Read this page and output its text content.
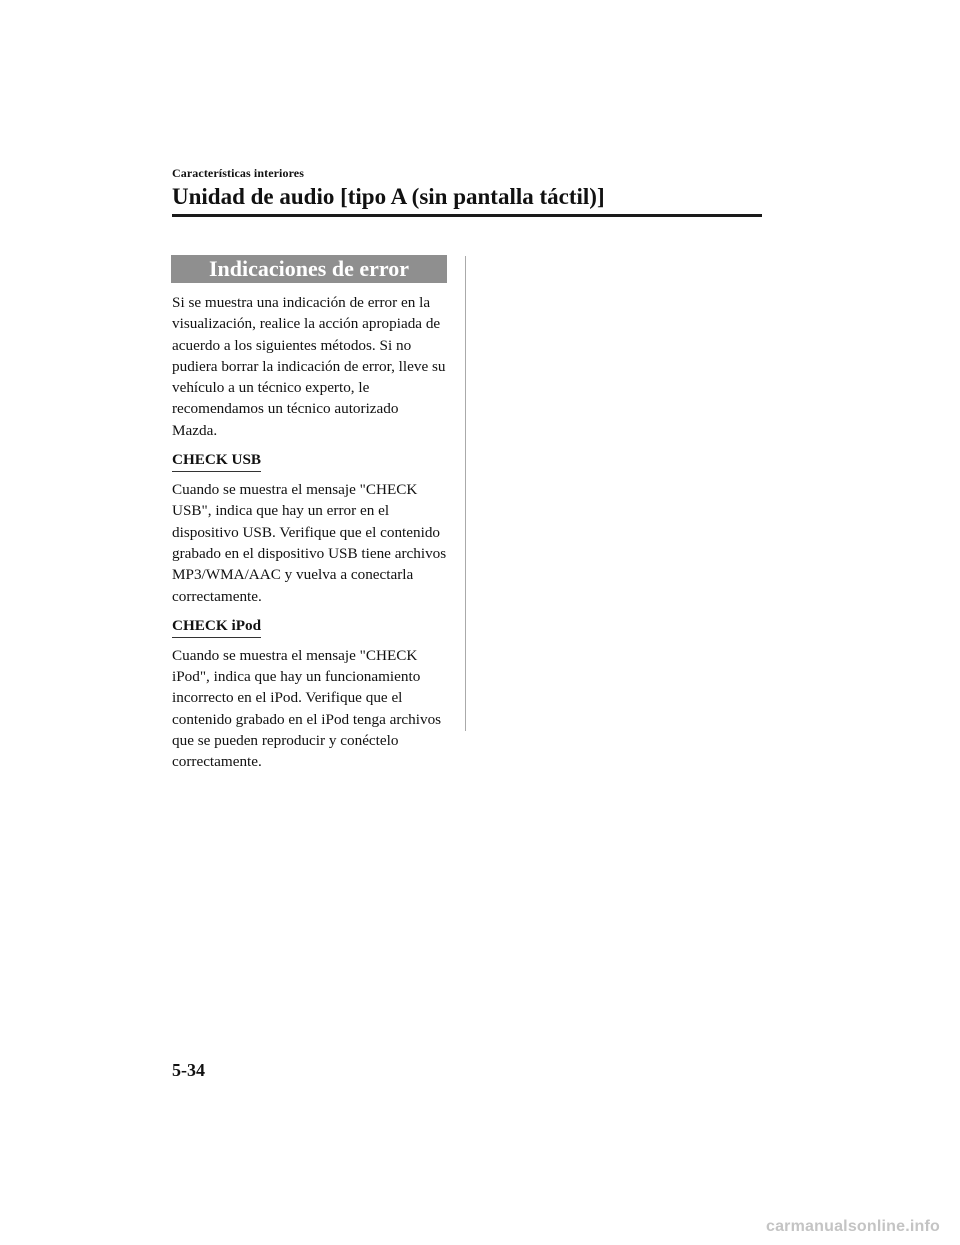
Características interiores
Unidad de audio [tipo A (sin pantalla táctil)]
Indicaciones de error

Si se muestra una indicación de error en la visualización, realice la acción apropiada de acuerdo a los siguientes métodos. Si no pudiera borrar la indicación de error, lleve su vehículo a un técnico experto, le recomendamos un técnico autorizado Mazda.

CHECK USB

Cuando se muestra el mensaje "CHECK USB", indica que hay un error en el dispositivo USB. Verifique que el contenido grabado en el dispositivo USB tiene archivos MP3/WMA/AAC y vuelva a conectarla correctamente.

CHECK iPod

Cuando se muestra el mensaje "CHECK iPod", indica que hay un funcionamiento incorrecto en el iPod. Verifique que el contenido grabado en el iPod tenga archivos que se pueden reproducir y conéctelo correctamente.

5-34
carmanualsonline.info
